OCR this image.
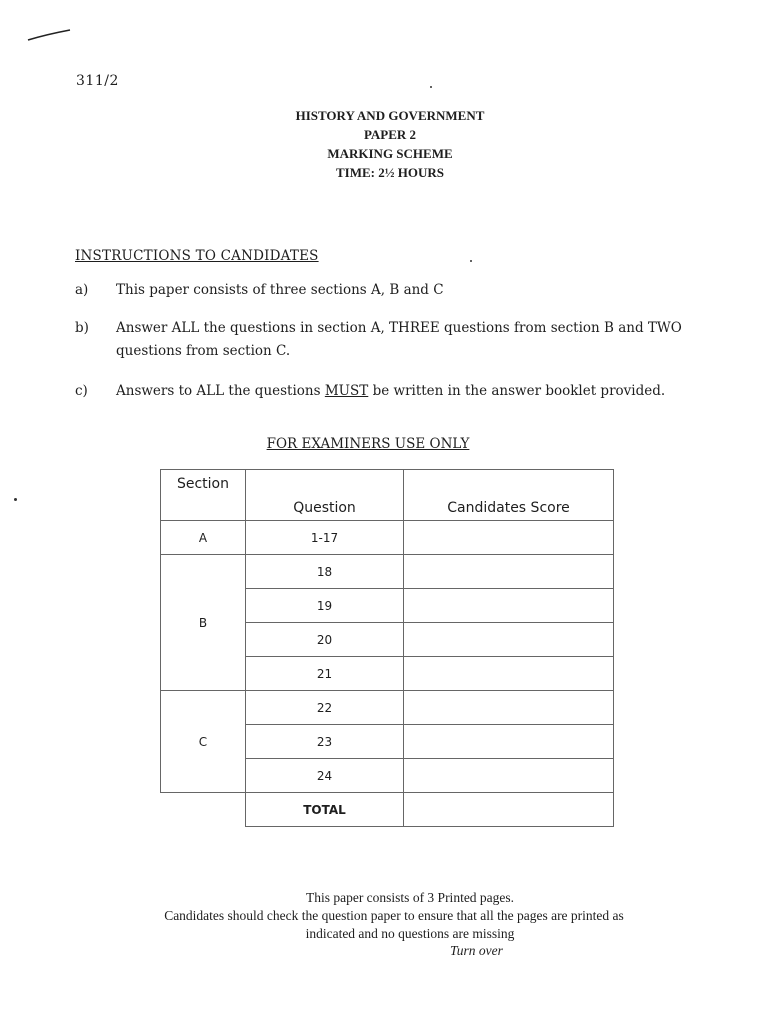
311/2
HISTORY AND GOVERNMENT
PAPER 2
MARKING SCHEME
TIME: 2½ HOURS
INSTRUCTIONS TO CANDIDATES
a)	This paper consists of three sections A, B and C
b)	Answer ALL the questions in section A, THREE questions from section B and TWO questions from section C.
c)	Answers to ALL the questions MUST be written in the answer booklet provided.
FOR EXAMINERS USE ONLY
Section	Question	Candidates Score
A	1-17	
B	18	
	19	
	20	
	21	
C	22	
	23	
	24	
	TOTAL	
This paper consists of 3 Printed pages.
Candidates should check the question paper to ensure that all the pages are printed as
indicated and no questions are missing
Turn over
